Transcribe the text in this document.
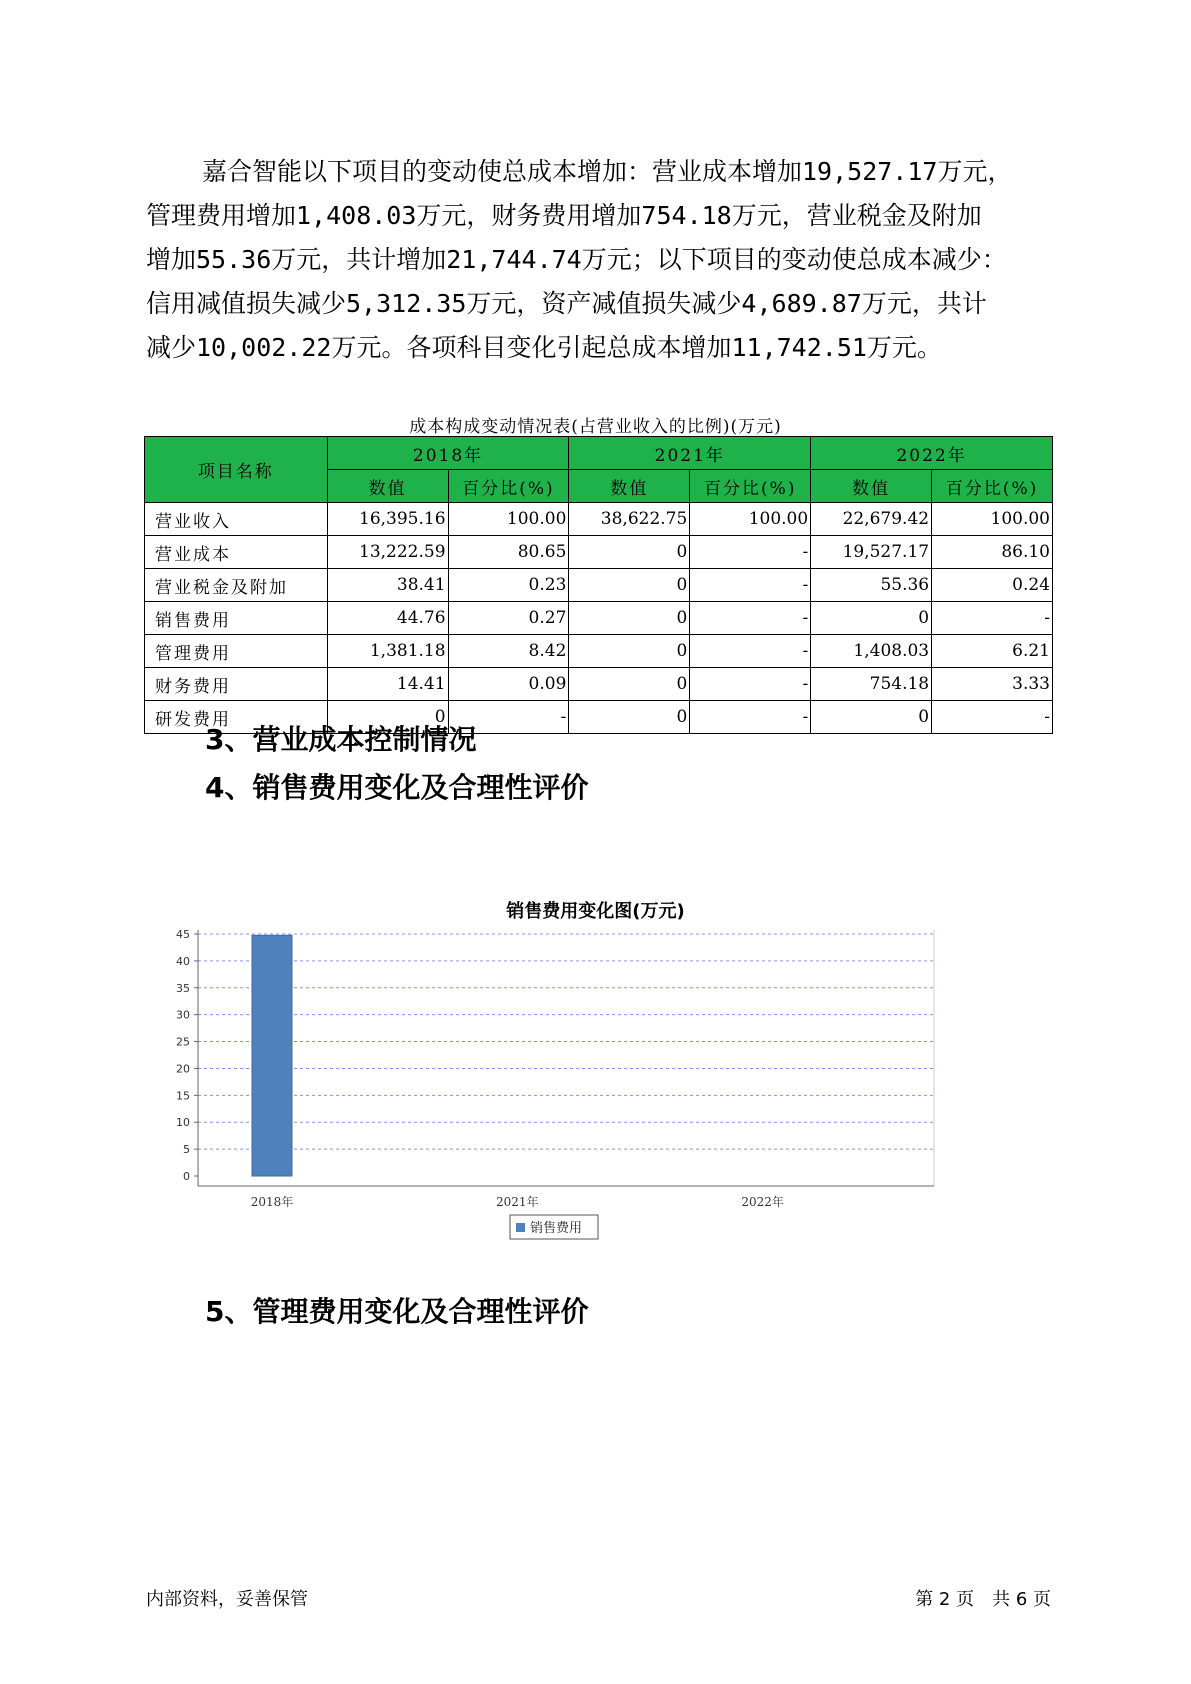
嘉合智能以下项目的变动使总成本增加：营业成本增加19,527.17万元，
管理费用增加1,408.03万元，财务费用增加754.18万元，营业税金及附加
增加55.36万元，共计增加21,744.74万元；以下项目的变动使总成本减少：
信用减值损失减少5,312.35万元，资产减值损失减少4,689.87万元，共计
减少10,002.22万元。各项科目变化引起总成本增加11,742.51万元。
成本构成变动情况表(占营业收入的比例)(万元)
项目名称	2018年		2021年		2022年	
	数值	百分比(%)	数值	百分比(%)	数值	百分比(%)
营业收入	16,395.16	100.00	38,622.75	100.00	22,679.42	100.00
营业成本	13,222.59	80.65	0	-	19,527.17	86.10
营业税金及附加	38.41	0.23	0	-	55.36	0.24
销售费用	44.76	0.27	0	-	0	-
管理费用	1,381.18	8.42	0	-	1,408.03	6.21
财务费用	14.41	0.09	0	-	754.18	3.33
研发费用	0	-	0	-	0	-
3、营业成本控制情况
4、销售费用变化及合理性评价
销售费用变化图(万元)
0
5
10
15
20
25
30
35
40
45
2018年	2021年	2022年
销售费用
5、管理费用变化及合理性评价
内部资料，妥善保管	第 2 页　共 6 页
